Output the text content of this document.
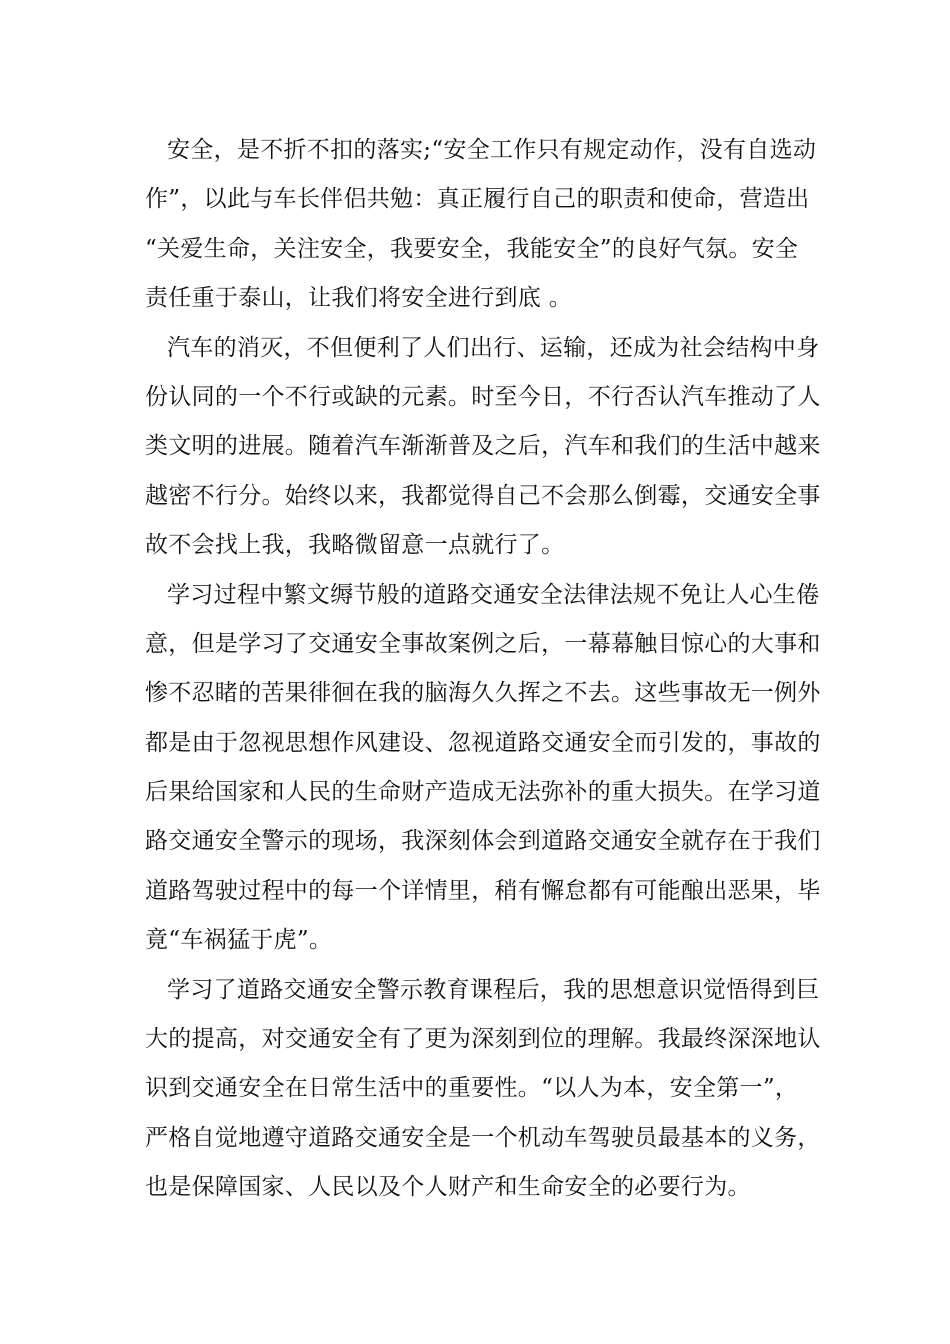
安全，是不折不扣的落实;“安全工作只有规定动作，没有自选动
作”，以此与车长伴侣共勉：真正履行自己的职责和使命，营造出
“关爱生命，关注安全，我要安全，我能安全”的良好气氛。安全
责任重于泰山，让我们将安全进行到底 。
汽车的消灭，不但便利了人们出行、运输，还成为社会结构中身
份认同的一个不行或缺的元素。时至今日，不行否认汽车推动了人
类文明的进展。随着汽车渐渐普及之后，汽车和我们的生活中越来
越密不行分。始终以来，我都觉得自己不会那么倒霉，交通安全事
故不会找上我，我略微留意一点就行了。
学习过程中繁文缛节般的道路交通安全法律法规不免让人心生倦
意，但是学习了交通安全事故案例之后，一幕幕触目惊心的大事和
惨不忍睹的苦果徘徊在我的脑海久久挥之不去。这些事故无一例外
都是由于忽视思想作风建设、忽视道路交通安全而引发的，事故的
后果给国家和人民的生命财产造成无法弥补的重大损失。在学习道
路交通安全警示的现场，我深刻体会到道路交通安全就存在于我们
道路驾驶过程中的每一个详情里，稍有懈怠都有可能酿出恶果，毕
竟“车祸猛于虎”。
学习了道路交通安全警示教育课程后，我的思想意识觉悟得到巨
大的提高，对交通安全有了更为深刻到位的理解。我最终深深地认
识到交通安全在日常生活中的重要性。“以人为本，安全第一”，
严格自觉地遵守道路交通安全是一个机动车驾驶员最基本的义务，
也是保障国家、人民以及个人财产和生命安全的必要行为。
